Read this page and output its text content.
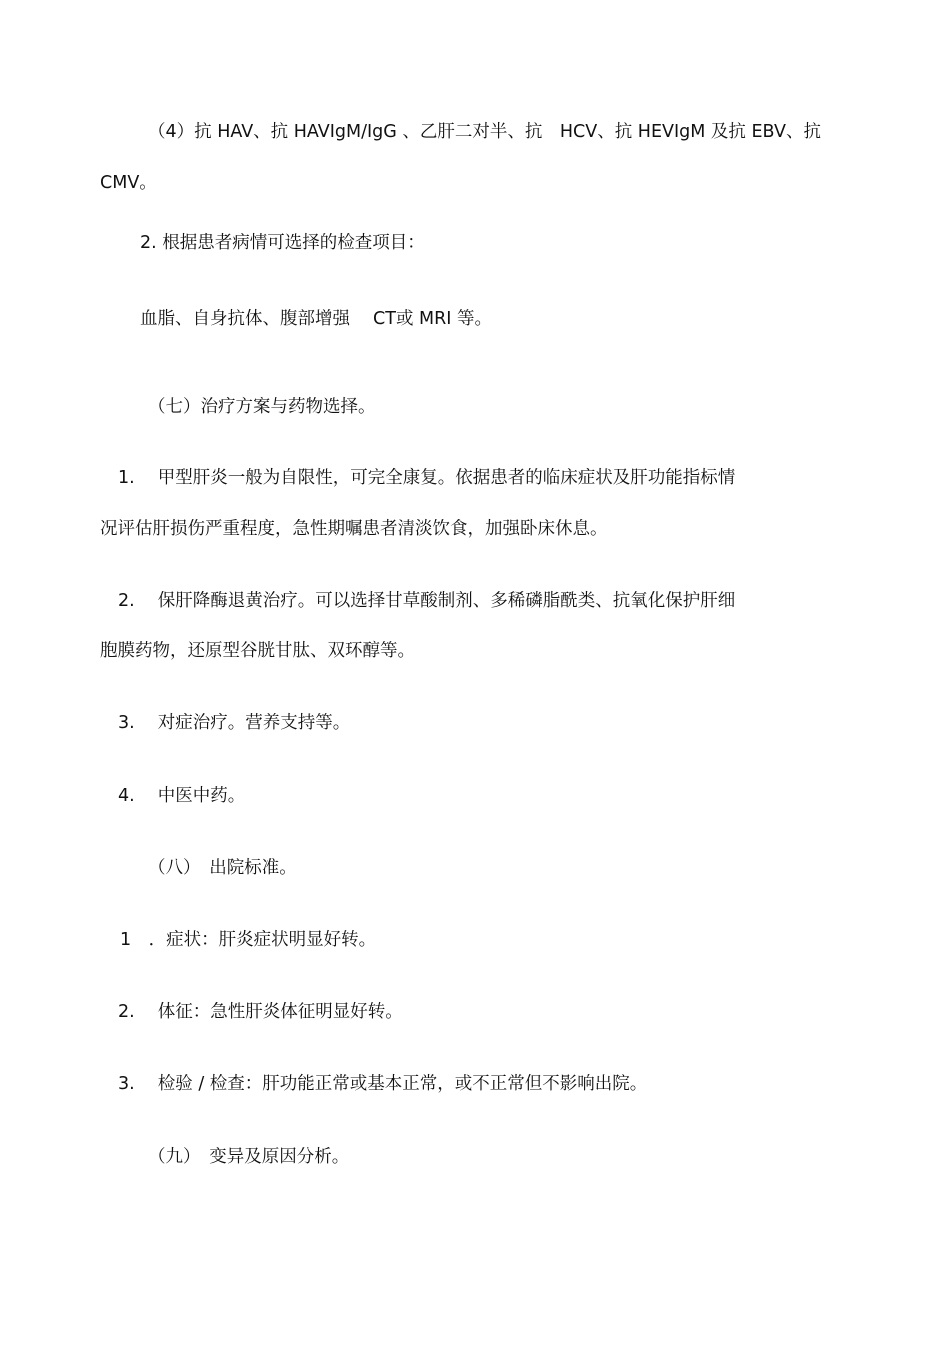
（4）抗 HAV、抗 HAVIgM/IgG 、乙肝二对半、抗　HCV、抗 HEVIgM 及抗 EBV、抗
CMV。
2. 根据患者病情可选择的检查项目：
血脂、自身抗体、腹部增强　 CT或 MRI 等。
（七）治疗方案与药物选择。
1.　 甲型肝炎一般为自限性，可完全康复。依据患者的临床症状及肝功能指标情
况评估肝损伤严重程度，急性期嘱患者清淡饮食，加强卧床休息。
2.　 保肝降酶退黄治疗。可以选择甘草酸制剂、多稀磷脂酰类、抗氧化保护肝细
胞膜药物，还原型谷胱甘肽、双环醇等。
3.　 对症治疗。营养支持等。
4.　 中医中药。
（八）　出院标准。
1　．症状：肝炎症状明显好转。
2.　 体征：急性肝炎体征明显好转。
3.　 检验 / 检查：肝功能正常或基本正常，或不正常但不影响出院。
（九）　变异及原因分析。
